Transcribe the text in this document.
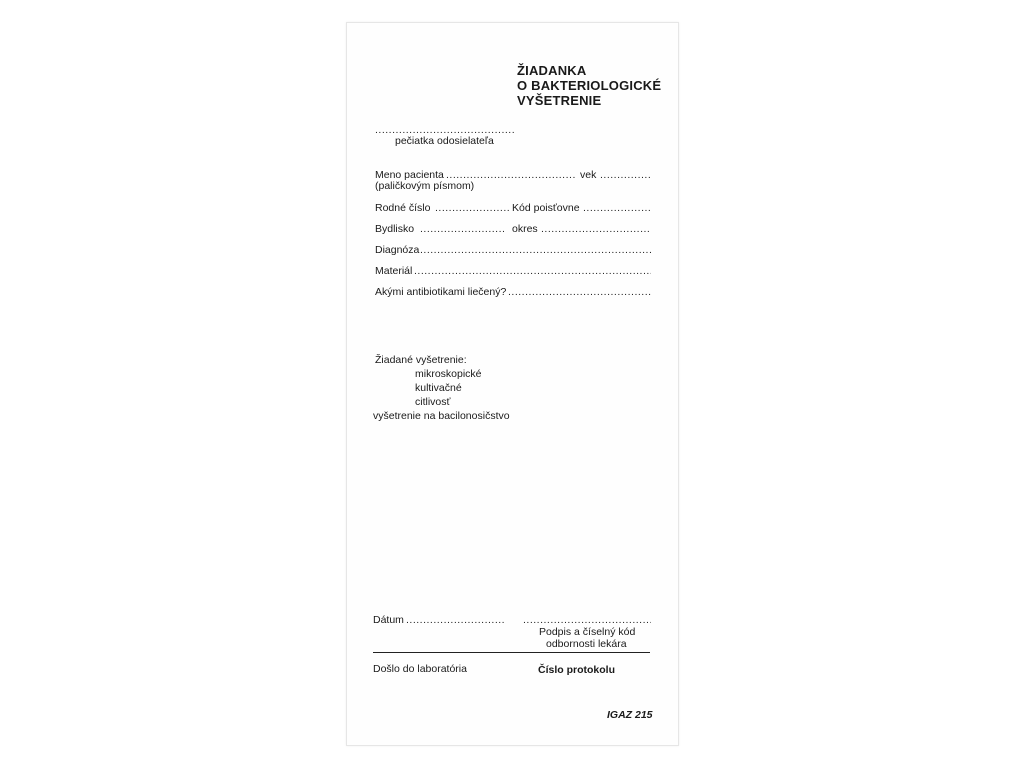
ŽIADANKA
O BAKTERIOLOGICKÉ
VYŠETRENIE
.....
pečiatka odosielateľa
Meno pacienta .....	vek
.....
(paličkovým písmom)
Rodné číslo .....	Kód poisťovne
.....
Bydlisko .....	okres
.....
Diagnóza
.....
Materiál
.....
Akými antibiotikami liečený?
.....
Žiadané vyšetrenie:
mikroskopické
kultivačné
citlivosť
vyšetrenie na bacilonosičstvo
Dátum
.....
.....
Podpis a číselný kód
odbornosti lekára
Došlo do laboratória	Číslo protokolu
IGAZ 215
